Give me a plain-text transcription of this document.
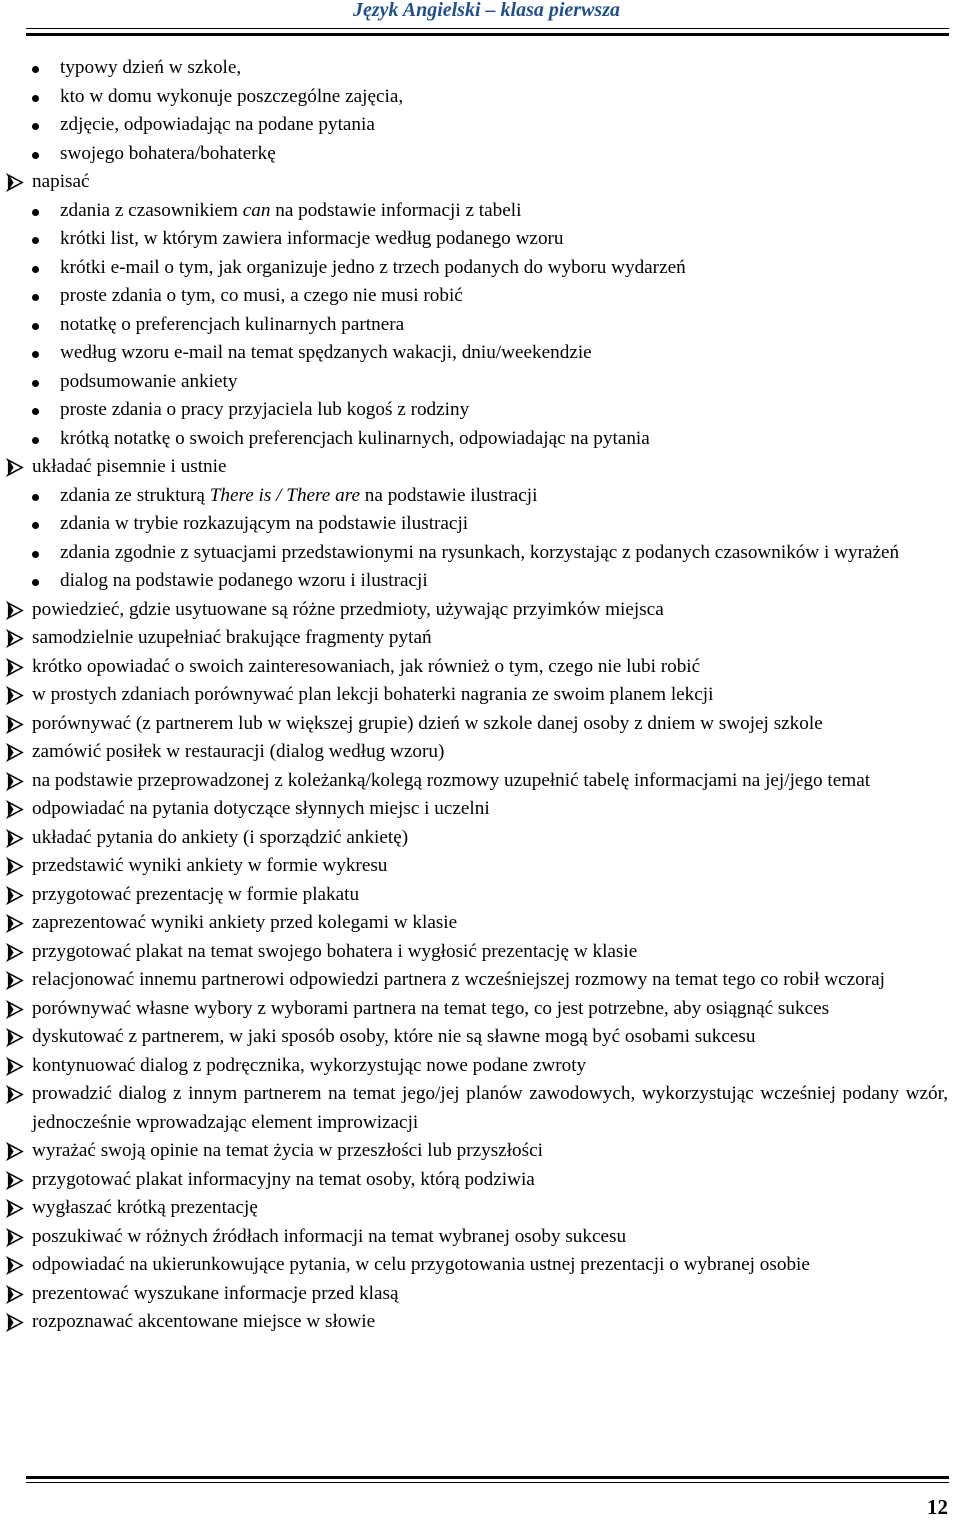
Język Angielski – klasa pierwsza
typowy dzień w szkole,
kto w domu wykonuje poszczególne zajęcia,
zdjęcie, odpowiadając na podane pytania
swojego bohatera/bohaterkę
napisać
zdania z czasownikiem can na podstawie informacji z tabeli
krótki list, w którym zawiera informacje według podanego wzoru
krótki e-mail o tym, jak organizuje jedno z trzech podanych do wyboru wydarzeń
proste zdania o tym, co musi, a czego nie musi robić
notatkę o preferencjach kulinarnych partnera
według wzoru e-mail na temat spędzanych wakacji, dniu/weekendzie
podsumowanie ankiety
proste zdania o pracy przyjaciela lub kogoś z rodziny
krótką notatkę o swoich preferencjach kulinarnych, odpowiadając na pytania
układać pisemnie i ustnie
zdania ze strukturą There is / There are na podstawie ilustracji
zdania w trybie rozkazującym na podstawie ilustracji
zdania zgodnie z sytuacjami przedstawionymi na rysunkach, korzystając z podanych czasowników i wyrażeń
dialog na podstawie podanego wzoru i ilustracji
powiedzieć, gdzie usytuowane są różne przedmioty, używając przyimków miejsca
samodzielnie uzupełniać brakujące fragmenty pytań
krótko opowiadać o swoich zainteresowaniach, jak również o tym, czego nie lubi robić
w prostych zdaniach porównywać plan lekcji bohaterki nagrania ze swoim planem lekcji
porównywać (z partnerem lub w większej grupie) dzień w szkole danej osoby z dniem w swojej szkole
zamówić posiłek w restauracji (dialog według wzoru)
na podstawie przeprowadzonej z koleżanką/kolegą rozmowy uzupełnić tabelę informacjami na jej/jego temat
odpowiadać na pytania dotyczące słynnych miejsc i uczelni
układać pytania do ankiety (i sporządzić ankietę)
przedstawić wyniki ankiety w formie wykresu
przygotować prezentację w formie plakatu
zaprezentować wyniki ankiety przed kolegami w klasie
przygotować plakat na temat swojego bohatera i wygłosić prezentację w klasie
relacjonować innemu partnerowi odpowiedzi partnera z wcześniejszej rozmowy na temat tego co robił wczoraj
porównywać własne wybory z wyborami partnera na temat tego, co jest potrzebne, aby osiągnąć sukces
dyskutować z partnerem, w jaki sposób osoby, które nie są sławne mogą być osobami sukcesu
kontynuować dialog z podręcznika, wykorzystując nowe podane zwroty
prowadzić dialog z innym partnerem na temat jego/jej planów zawodowych, wykorzystując wcześniej podany wzór, jednocześnie wprowadzając element improwizacji
wyrażać swoją opinie na temat życia w przeszłości lub przyszłości
przygotować plakat informacyjny na temat osoby, którą podziwia
wygłaszać krótką prezentację
poszukiwać w różnych źródłach informacji na temat wybranej osoby sukcesu
odpowiadać na ukierunkowujące pytania, w celu przygotowania ustnej prezentacji o wybranej osobie
prezentować wyszukane informacje przed klasą
rozpoznawać akcentowane miejsce w słowie
12
